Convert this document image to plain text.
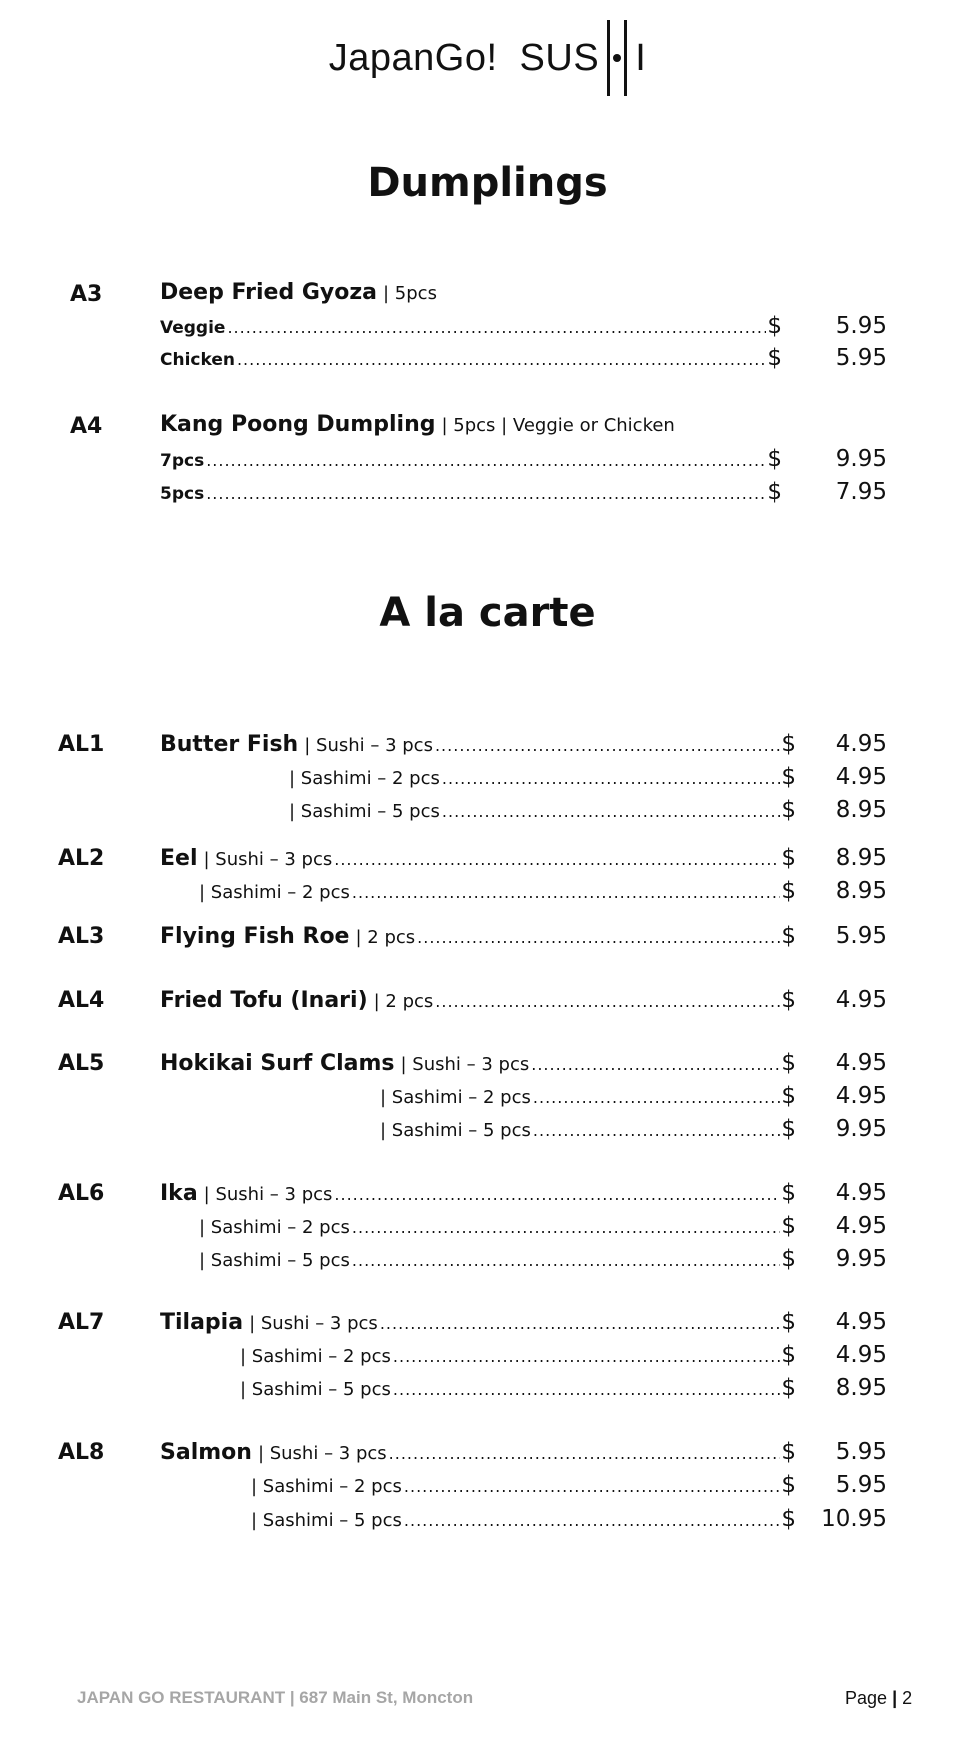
JapanGo! SUS I
Dumplings
A3	Deep Fried Gyoza | 5pcs
Veggie .....	$ 5.95
Chicken .....	$ 5.95
A4	Kang Poong Dumpling | 5pcs | Veggie or Chicken
7pcs .....	$ 9.95
5pcs .....	$ 7.95
A la carte
AL1	Butter Fish | Sushi – 3 pcs .....	$ 4.95
| Sashimi – 2 pcs .....	$ 4.95
| Sashimi – 5 pcs .....	$ 8.95
AL2	Eel | Sushi – 3 pcs .....	$ 8.95
| Sashimi – 2 pcs .....	$ 8.95
AL3	Flying Fish Roe | 2 pcs .....	$ 5.95
AL4	Fried Tofu (Inari) | 2 pcs .....	$ 4.95
AL5	Hokikai Surf Clams | Sushi – 3 pcs .....	$ 4.95
| Sashimi – 2 pcs .....	$ 4.95
| Sashimi – 5 pcs .....	$ 9.95
AL6	Ika | Sushi – 3 pcs .....	$ 4.95
| Sashimi – 2 pcs .....	$ 4.95
| Sashimi – 5 pcs .....	$ 9.95
AL7	Tilapia | Sushi – 3 pcs .....	$ 4.95
| Sashimi – 2 pcs .....	$ 4.95
| Sashimi – 5 pcs .....	$ 8.95
AL8	Salmon | Sushi – 3 pcs .....	$ 5.95
| Sashimi – 2 pcs .....	$ 5.95
| Sashimi – 5 pcs .....	$ 10.95
JAPAN GO RESTAURANT | 687 Main St, Moncton	Page | 2
